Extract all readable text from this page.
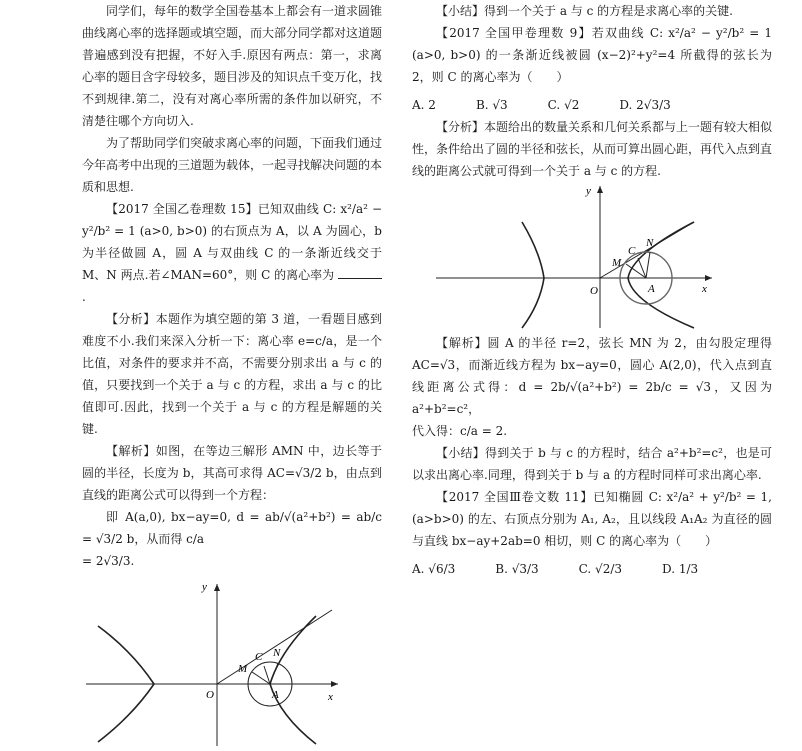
同学们，每年的数学全国卷基本上都会有一道求圆锥曲线离心率的选择题或填空题，而大部分同学都对这道题普遍感到没有把握，不好入手.原因有两点：第一，求离心率的题目含字母较多，题目涉及的知识点千变万化，找不到规律.第二，没有对离心率所需的条件加以研究，不清楚往哪个方向切入.

为了帮助同学们突破求离心率的问题，下面我们通过今年高考中出现的三道题为载体，一起寻找解决问题的本质和思想.

【2017 全国乙卷理数 15】已知双曲线 C: x²/a² − y²/b² = 1 (a>0, b>0) 的右顶点为 A，以 A 为圆心，b 为半径做圆 A，圆 A 与双曲线 C 的一条渐近线交于 M、N 两点.若∠MAN=60°，则 C 的离心率为 .

【分析】本题作为填空题的第 3 道，一看题目感到难度不小.我们来深入分析一下：离心率 e=c/a，是一个比值，对条件的要求并不高，不需要分别求出 a 与 c 的值，只要找到一个关于 a 与 c 的方程，求出 a 与 c 的比值即可.因此，找到一个关于 a 与 c 的方程是解题的关键.

【解析】如图，在等边三解形 AMN 中，边长等于圆的半径，长度为 b，其高可求得 AC=√3/2 b，由点到直线的距离公式可以得到一个方程：

即 A(a,0), bx−ay=0, d = ab/√(a²+b²) = ab/c = √3/2 b，从而得 c/a

= 2√3/3.

x
y
O
M
C N
A

【小结】得到一个关于 a 与 c 的方程是求离心率的关键.

【2017 全国甲卷理数 9】若双曲线 C: x²/a² − y²/b² = 1 (a>0, b>0) 的一条渐近线被圆 (x−2)²+y²=4 所截得的弦长为 2，则 C 的离心率为（　　）

A. 2	B. √3	C. √2	D. 2√3/3

【分析】本题给出的数量关系和几何关系都与上一题有较大相似性，条件给出了圆的半径和弦长，从而可算出圆心距，再代入点到直线的距离公式就可得到一个关于 a 与 c 的方程.

x
y
O
M
C
N
A

【解析】圆 A 的半径 r=2，弦长 MN 为 2，由勾股定理得 AC=√3，而渐近线方程为 bx−ay=0，圆心 A(2,0)，代入点到直线距离公式得：d = 2b/√(a²+b²) = 2b/c = √3，又因为 a²+b²=c²，

代入得：c/a = 2.

【小结】得到关于 b 与 c 的方程时，结合 a²+b²=c²，也是可以求出离心率.同理，得到关于 b 与 a 的方程时同样可求出离心率.

【2017 全国Ⅲ卷文数 11】已知椭圆 C: x²/a² + y²/b² = 1, (a>b>0) 的左、右顶点分别为 A₁, A₂，且以线段 A₁A₂ 为直径的圆与直线 bx−ay+2ab=0 相切，则 C 的离心率为（　　）

A. √6/3	B. √3/3	C. √2/3	D. 1/3
